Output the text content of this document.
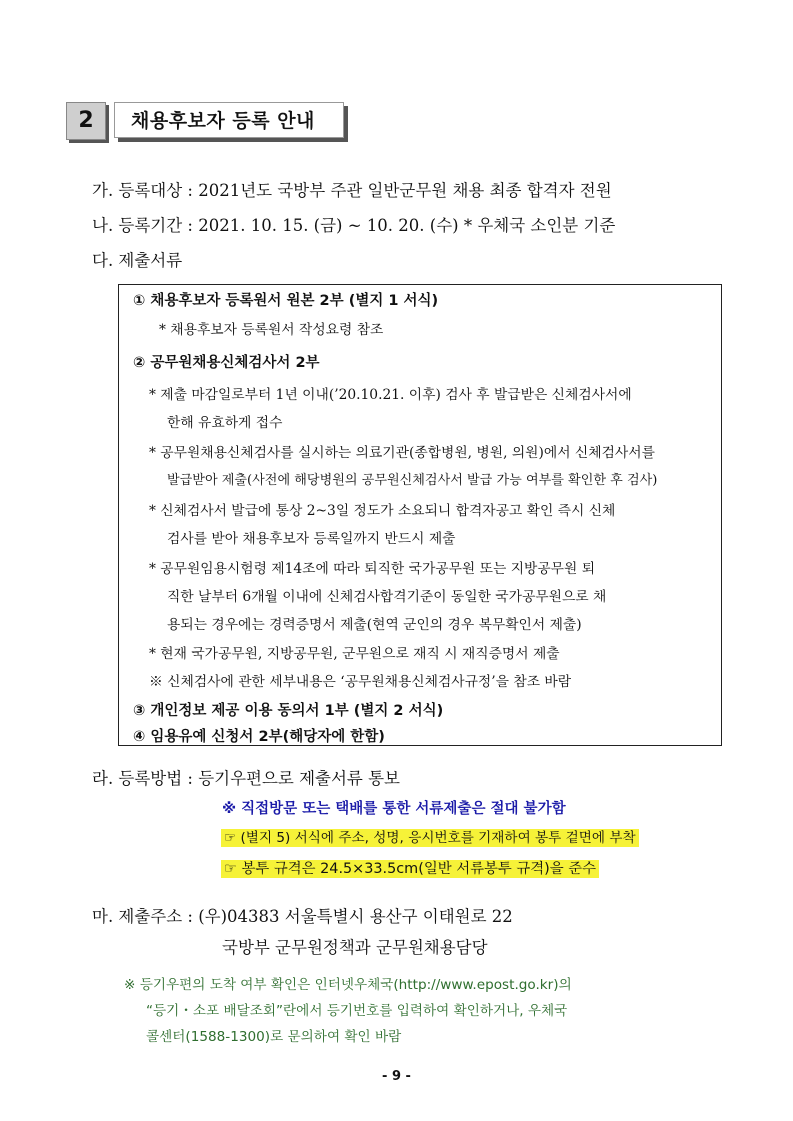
2	채용후보자 등록 안내
가. 등록대상 : 2021년도 국방부 주관 일반군무원 채용 최종 합격자 전원
나. 등록기간 : 2021. 10. 15. (금) ~ 10. 20. (수) * 우체국 소인분 기준
다. 제출서류
① 채용후보자 등록원서 원본 2부 (별지 1 서식)
* 채용후보자 등록원서 작성요령 참조
② 공무원채용신체검사서 2부
* 제출 마감일로부터 1년 이내(’20.10.21. 이후) 검사 후 발급받은 신체검사서에
한해 유효하게 접수
* 공무원채용신체검사를 실시하는 의료기관(종합병원, 병원, 의원)에서 신체검사서를
발급받아 제출(사전에 해당병원의 공무원신체검사서 발급 가능 여부를 확인한 후 검사)
* 신체검사서 발급에 통상 2~3일 정도가 소요되니 합격자공고 확인 즉시 신체
검사를 받아 채용후보자 등록일까지 반드시 제출
* 공무원임용시험령 제14조에 따라 퇴직한 국가공무원 또는 지방공무원 퇴
직한 날부터 6개월 이내에 신체검사합격기준이 동일한 국가공무원으로 채
용되는 경우에는 경력증명서 제출(현역 군인의 경우 복무확인서 제출)
* 현재 국가공무원, 지방공무원, 군무원으로 재직 시 재직증명서 제출
※ 신체검사에 관한 세부내용은 ‘공무원채용신체검사규정’을 참조 바람
③ 개인정보 제공 이용 동의서 1부 (별지 2 서식)
④ 임용유예 신청서 2부(해당자에 한함)
라. 등록방법 : 등기우편으로 제출서류 통보
※ 직접방문 또는 택배를 통한 서류제출은 절대 불가함
☞ (별지 5) 서식에 주소, 성명, 응시번호를 기재하여 봉투 겉면에 부착
☞ 봉투 규격은 24.5×33.5cm(일반 서류봉투 규격)을 준수
마. 제출주소 : (우)04383 서울특별시 용산구 이태원로 22
국방부 군무원정책과 군무원채용담당
※ 등기우편의 도착 여부 확인은 인터넷우체국(http://www.epost.go.kr)의
“등기・소포 배달조회”란에서 등기번호를 입력하여 확인하거나, 우체국
콜센터(1588-1300)로 문의하여 확인 바람
- 9 -
